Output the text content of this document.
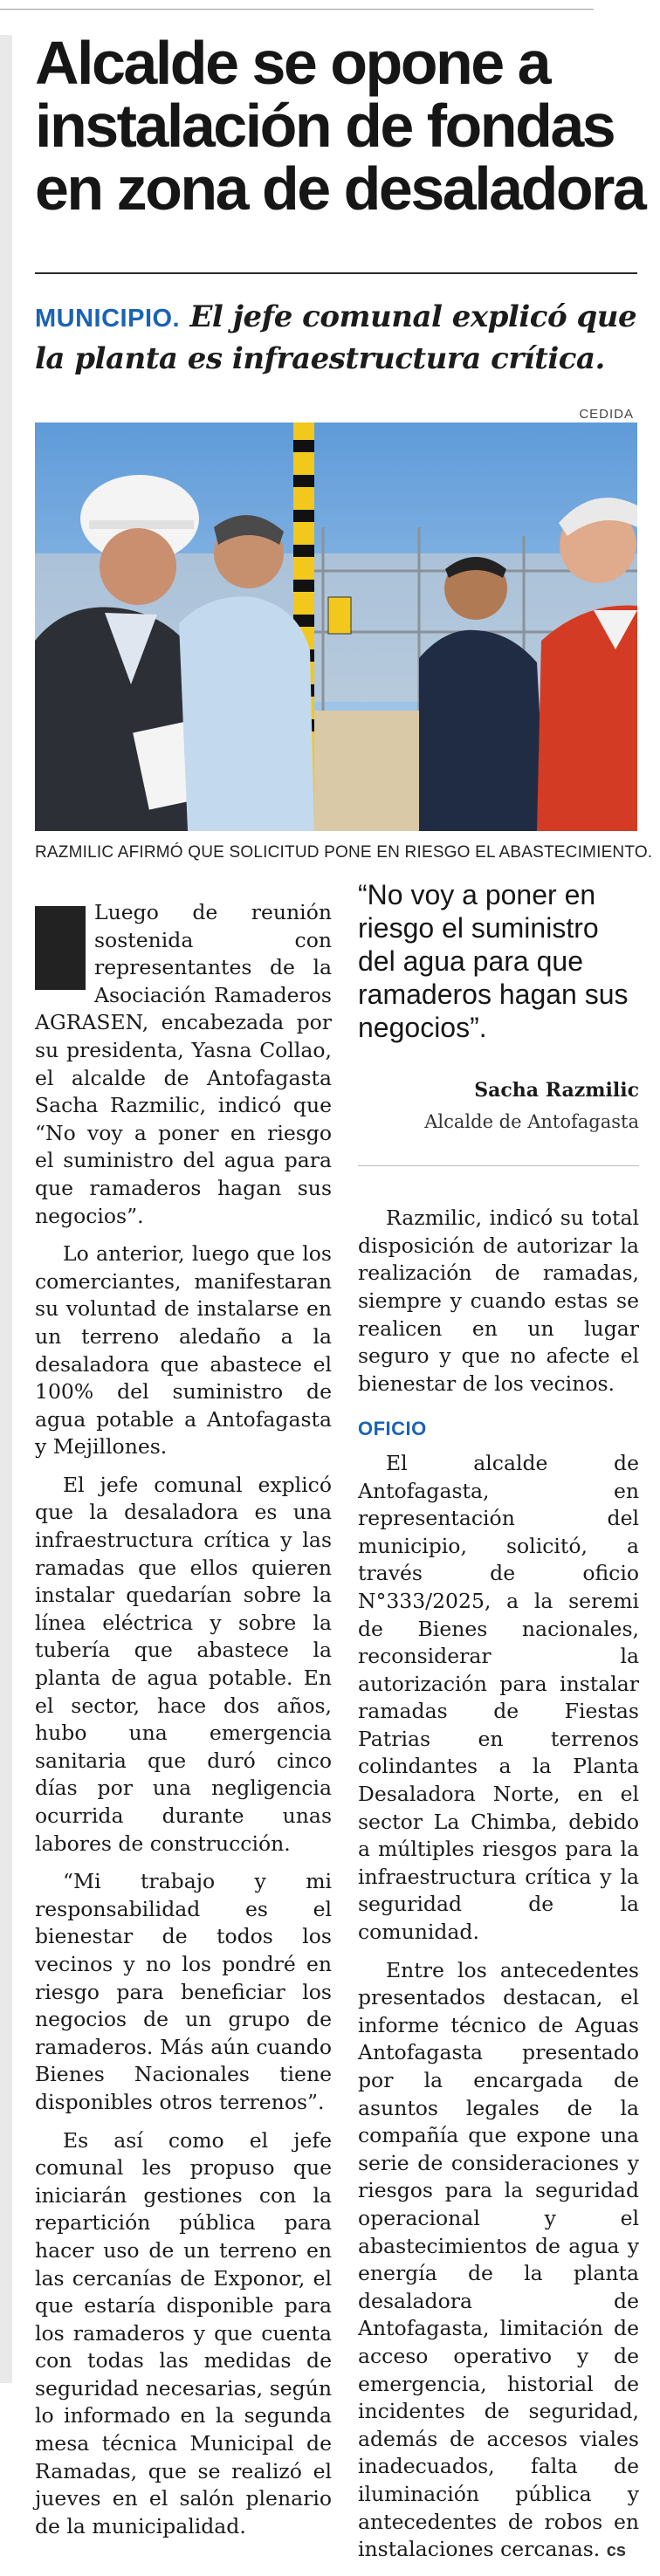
Alcalde se opone a
instalación de fondas
en zona de desaladora
MUNICIPIO. El jefe comunal explicó que la planta es infraestructura crítica.
CEDIDA
RAZMILIC AFIRMÓ QUE SOLICITUD PONE EN RIESGO EL ABASTECIMIENTO.

Luego de reunión sostenida con representantes de la Asociación Ramaderos AGRASEN, encabezada por su presidenta, Yasna Collao, el alcalde de Antofagasta Sacha Razmilic, indicó que “No voy a poner en riesgo el suministro del agua para que ramaderos hagan sus negocios”.

Lo anterior, luego que los comerciantes, manifestaran su voluntad de instalarse en un terreno aledaño a la desaladora que abastece el 100% del suministro de agua potable a Antofagasta y Mejillones.

El jefe comunal explicó que la desaladora es una infraestructura crítica y las ramadas que ellos quieren instalar quedarían sobre la línea eléctrica y sobre la tubería que abastece la planta de agua potable. En el sector, hace dos años, hubo una emergencia sanitaria que duró cinco días por una negligencia ocurrida durante unas labores de construcción.

“Mi trabajo y mi responsabilidad es el bienestar de todos los vecinos y no los pondré en riesgo para beneficiar los negocios de un grupo de ramaderos. Más aún cuando Bienes Nacionales tiene disponibles otros terrenos”.

Es así como el jefe comunal les propuso que iniciarán gestiones con la repartición pública para hacer uso de un terreno en las cercanías de Exponor, el que estaría disponible para los ramaderos y que cuenta con todas las medidas de seguridad necesarias, según lo informado en la segunda mesa técnica Municipal de Ramadas, que se realizó el jueves en el salón plenario de la municipalidad.

“No voy a poner en riesgo el suministro del agua para que ramaderos hagan sus negocios”.
Sacha Razmilic
Alcalde de Antofagasta

Razmilic, indicó su total disposición de autorizar la realización de ramadas, siempre y cuando estas se realicen en un lugar seguro y que no afecte el bienestar de los vecinos.

OFICIO

El alcalde de Antofagasta, en representación del municipio, solicitó, a través de oficio N°333/2025, a la seremi de Bienes nacionales, reconsiderar la autorización para instalar ramadas de Fiestas Patrias en terrenos colindantes a la Planta Desaladora Norte, en el sector La Chimba, debido a múltiples riesgos para la infraestructura crítica y la seguridad de la comunidad.

Entre los antecedentes presentados destacan, el informe técnico de Aguas Antofagasta presentado por la encargada de asuntos legales de la compañía que expone una serie de consideraciones y riesgos para la seguridad operacional y el abastecimientos de agua y energía de la planta desaladora de Antofagasta, limitación de acceso operativo y de emergencia, historial de incidentes de seguridad, además de accesos viales inadecuados, falta de iluminación pública y antecedentes de robos en instalaciones cercanas. cs
